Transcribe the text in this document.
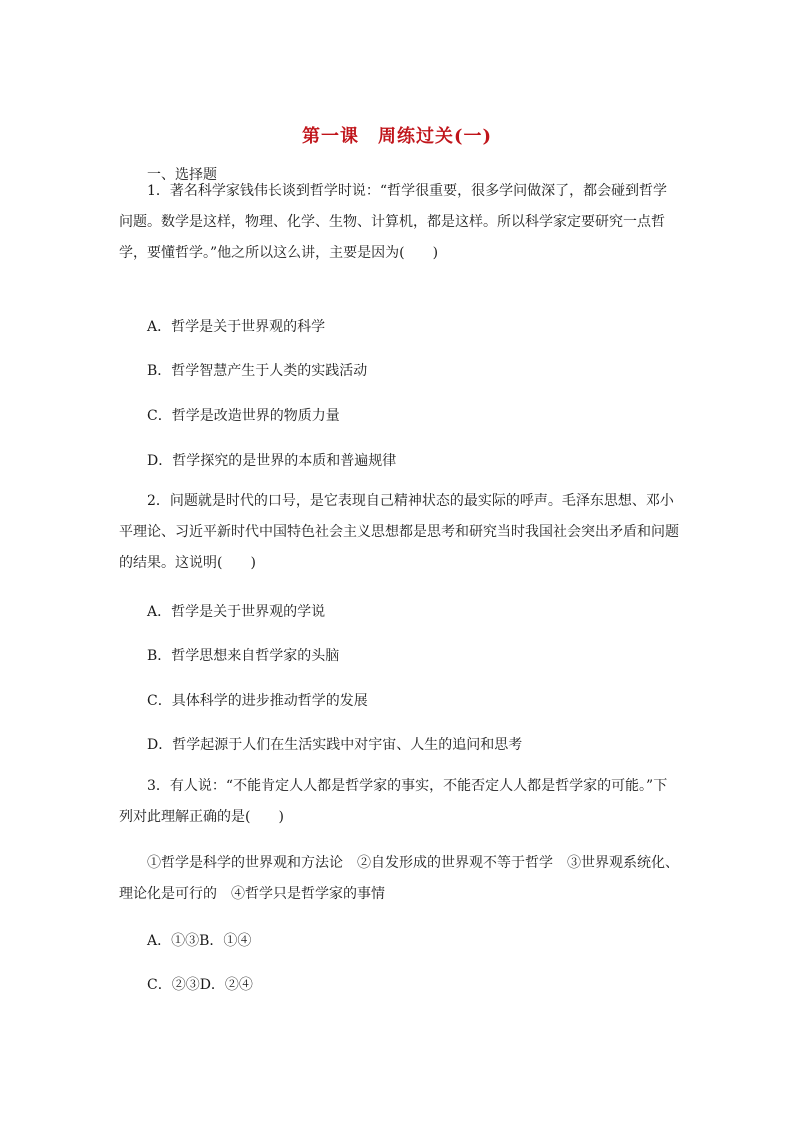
第一课　周练过关(一)
一、选择题

1．著名科学家钱伟长谈到哲学时说：“哲学很重要，很多学问做深了，都会碰到哲学问题。数学是这样，物理、化学、生物、计算机，都是这样。所以科学家定要研究一点哲学，要懂哲学。”他之所以这么讲，主要是因为(　　)

A．哲学是关于世界观的科学
B．哲学智慧产生于人类的实践活动
C．哲学是改造世界的物质力量
D．哲学探究的是世界的本质和普遍规律

2．问题就是时代的口号，是它表现自己精神状态的最实际的呼声。毛泽东思想、邓小平理论、习近平新时代中国特色社会主义思想都是思考和研究当时我国社会突出矛盾和问题的结果。这说明(　　)

A．哲学是关于世界观的学说
B．哲学思想来自哲学家的头脑
C．具体科学的进步推动哲学的发展
D．哲学起源于人们在生活实践中对宇宙、人生的追问和思考

3．有人说：“不能肯定人人都是哲学家的事实，不能否定人人都是哲学家的可能。”下列对此理解正确的是(　　)

①哲学是科学的世界观和方法论　②自发形成的世界观不等于哲学　③世界观系统化、理论化是可行的　④哲学只是哲学家的事情

A．①③B．①④
C．②③D．②④
